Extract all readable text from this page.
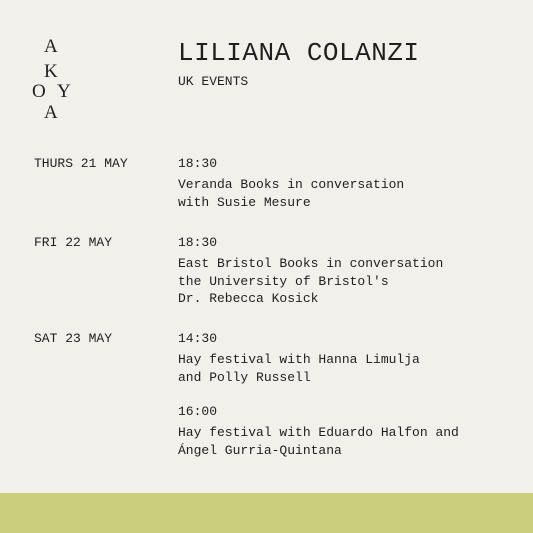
A
K
O Y
A
LILIANA COLANZI
UK EVENTS
THURS 21 MAY	18:30
Veranda Books in conversation
with Susie Mesure
FRI 22 MAY	18:30
East Bristol Books in conversation
the University of Bristol's
Dr. Rebecca Kosick
SAT 23 MAY	14:30
Hay festival with Hanna Limulja
and Polly Russell
16:00
Hay festival with Eduardo Halfon and
Ángel Gurria-Quintana
